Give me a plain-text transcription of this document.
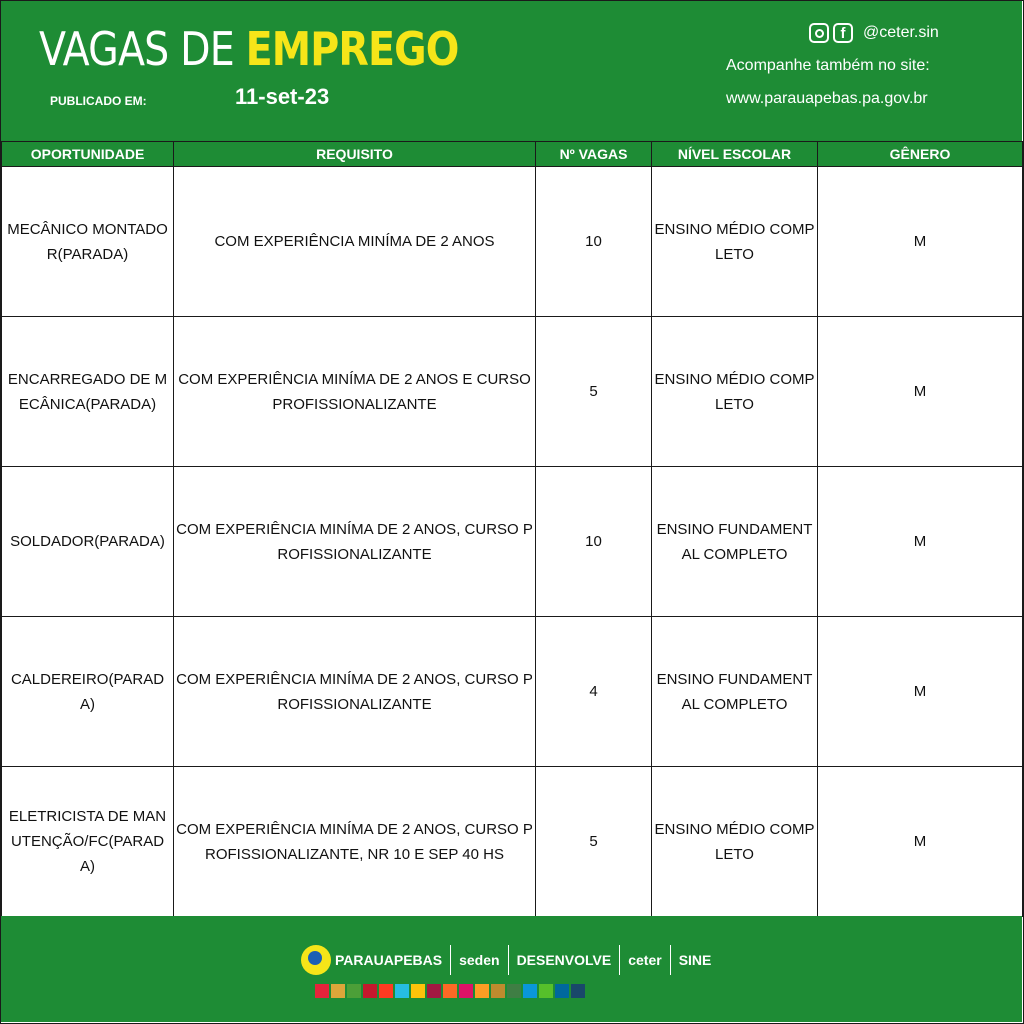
VAGAS DE EMPREGO
PUBLICADO EM:	11-set-23
f	@ceter.sin
Acompanhe também no site:
www.parauapebas.pa.gov.br
OPORTUNIDADE	REQUISITO	Nº VAGAS	NÍVEL ESCOLAR	GÊNERO
MECÂNICO MONTADOR(PARADA)	COM EXPERIÊNCIA MINÍMA DE 2 ANOS	10	ENSINO MÉDIO COMPLETO	M
ENCARREGADO DE MECÂNICA(PARADA)	COM EXPERIÊNCIA MINÍMA DE 2 ANOS E CURSO PROFISSIONALIZANTE	5	ENSINO MÉDIO COMPLETO	M
SOLDADOR(PARADA)	COM EXPERIÊNCIA MINÍMA DE 2 ANOS, CURSO PROFISSIONALIZANTE	10	ENSINO FUNDAMENTAL COMPLETO	M
CALDEREIRO(PARADA)	COM EXPERIÊNCIA MINÍMA DE 2 ANOS, CURSO PROFISSIONALIZANTE	4	ENSINO FUNDAMENTAL COMPLETO	M
ELETRICISTA DE MANUTENÇÃO/FC(PARADA)	COM EXPERIÊNCIA MINÍMA DE 2 ANOS, CURSO PROFISSIONALIZANTE, NR 10 E SEP 40 HS	5	ENSINO MÉDIO COMPLETO	M
PARAUAPEBAS seden DESENVOLVE ceter SINE
